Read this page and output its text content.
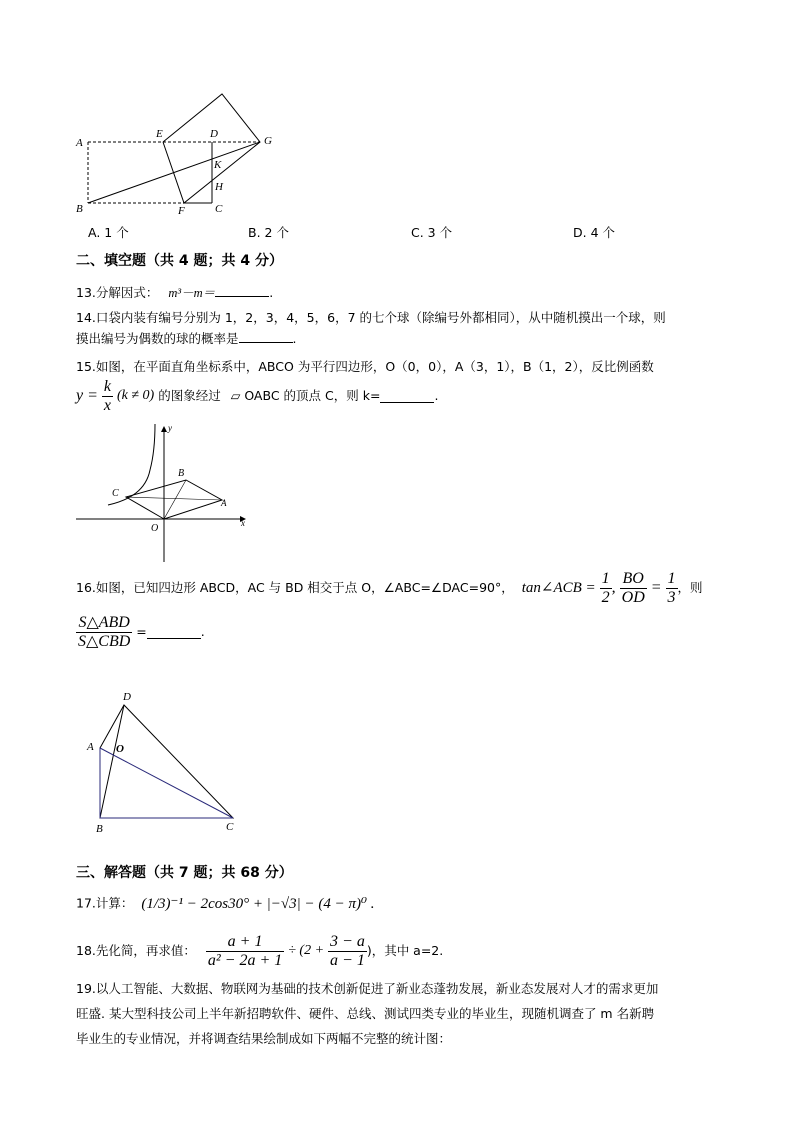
A
B	C
D
E
F
G
H
K
A. 1 个	B. 2 个	C. 3 个	D. 4 个
二、填空题（共 4 题；共 4 分）
13.分解因式： m³－m＝	.
14.口袋内装有编号分别为 1，2，3，4，5，6，7 的七个球（除编号外都相同），从中随机摸出一个球，则
摸出编号为偶数的球的概率是	.
15.如图，在平面直角坐标系中，ABCO 为平行四边形，O（0，0），A（3，1），B（1，2），反比例函数
$y = \frac{k}{x} (k \ne 0)$ 的图象经过 ▱ OABC 的顶点 C，则 k=	.
y
x
O
A
B
C
16.如图，已知四边形 ABCD，AC 与 BD 相交于点 O，∠ABC=∠DAC=90°， tan∠ACB = $\frac{1}{2}$ , $\frac{BO}{OD} = \frac{1}{3}$ ，则
$\frac{\text{S△ABD}}{\text{S△CBD}}$ =	.
A
B	C
D
O
三、解答题（共 7 题；共 68 分）
17.计算： (1/3)⁻¹ − 2cos30° + |−√3| − (4 − π)⁰ .
18.先化简，再求值： $\frac{a + 1}{\text{a² − 2a + 1}} \div (2 + \frac{3 - a}{a - 1}$ )，其中 a=2.
19.以人工智能、大数据、物联网为基础的技术创新促进了新业态蓬勃发展，新业态发展对人才的需求更加
旺盛. 某大型科技公司上半年新招聘软件、硬件、总线、测试四类专业的毕业生，现随机调查了 m 名新聘
毕业生的专业情况，并将调查结果绘制成如下两幅不完整的统计图：
